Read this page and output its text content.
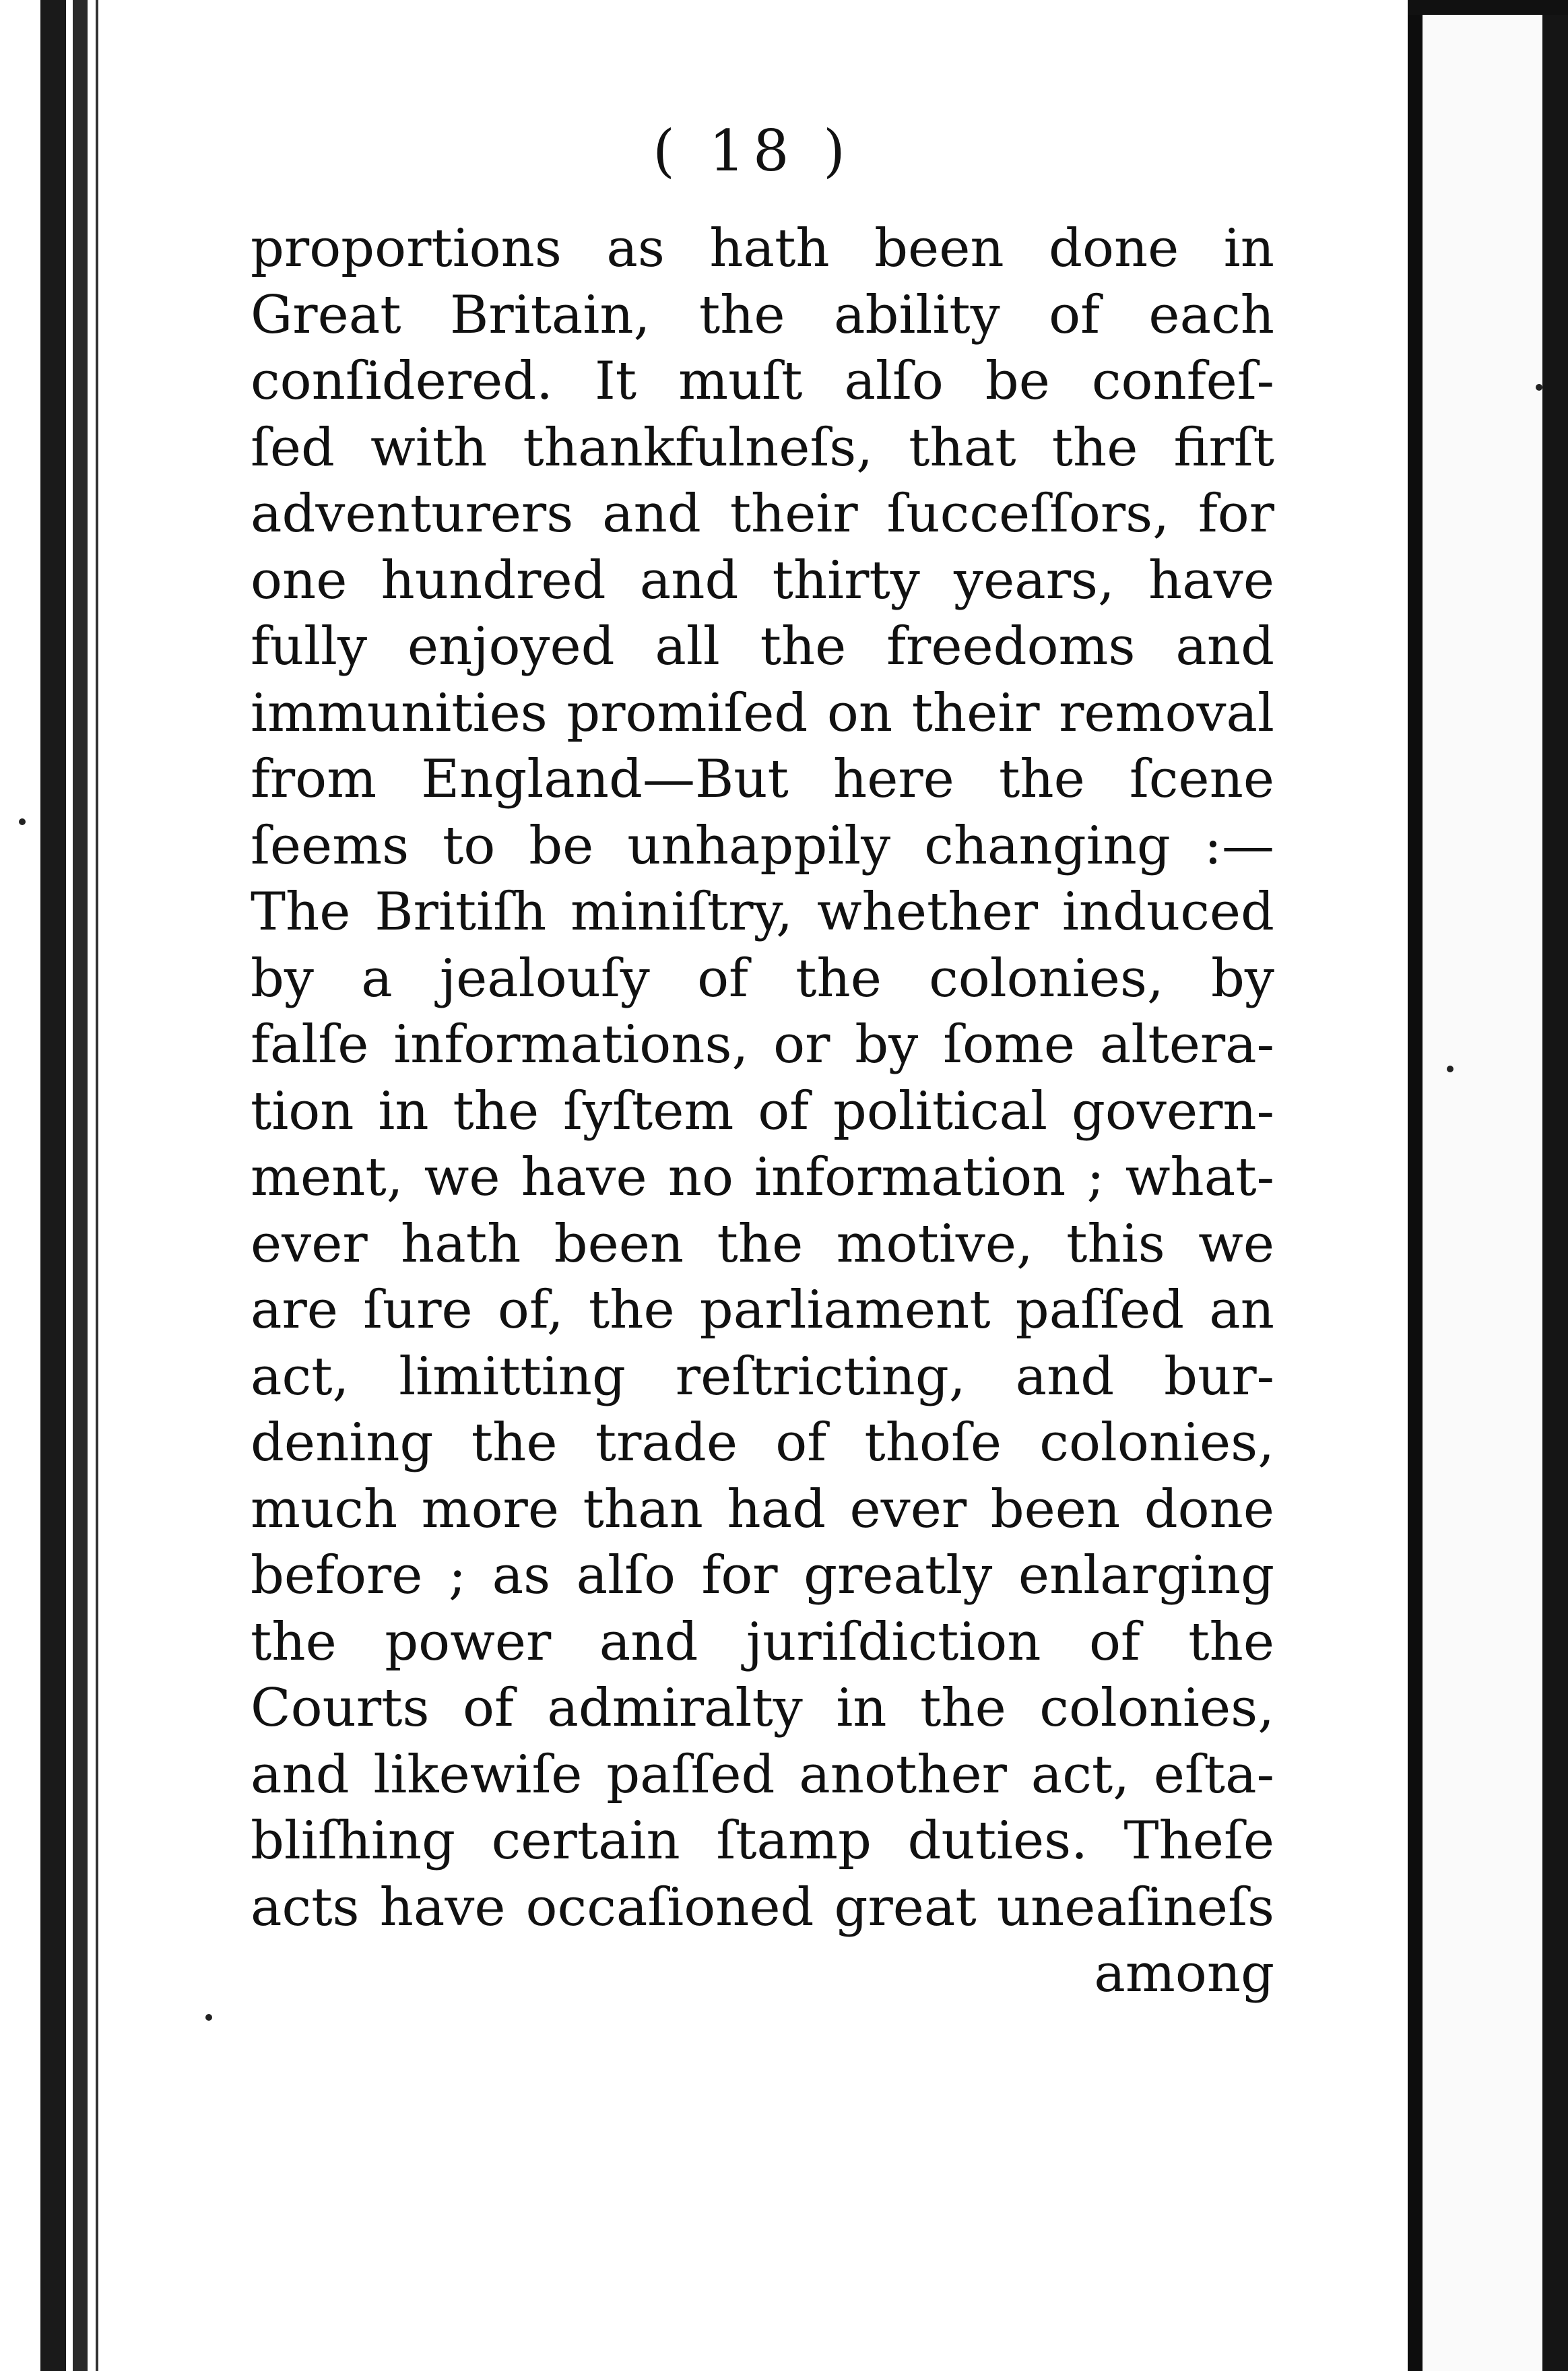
( 18 )
proportions as hath been done in
Great Britain, the ability of each
conſidered. It muſt alſo be confeſ-
ſed with thankfulneſs, that the firſt
adventurers and their ſucceſſors, for
one hundred and thirty years, have
fully enjoyed all the freedoms and
immunities promiſed on their removal
from England—But here the ſcene
ſeems to be unhappily changing :—
The Britiſh miniſtry, whether induced
by a jealouſy of the colonies, by
falſe informations, or by ſome altera-
tion in the ſyſtem of political govern-
ment, we have no information ; what-
ever hath been the motive, this we
are ſure of, the parliament paſſed an
act, limitting reſtricting, and bur-
dening the trade of thoſe colonies,
much more than had ever been done
before ; as alſo for greatly enlarging
the power and juriſdiction of the
Courts of admiralty in the colonies,
and likewiſe paſſed another act, eſta-
bliſhing certain ſtamp duties. Theſe
acts have occaſioned great uneaſineſs
among
